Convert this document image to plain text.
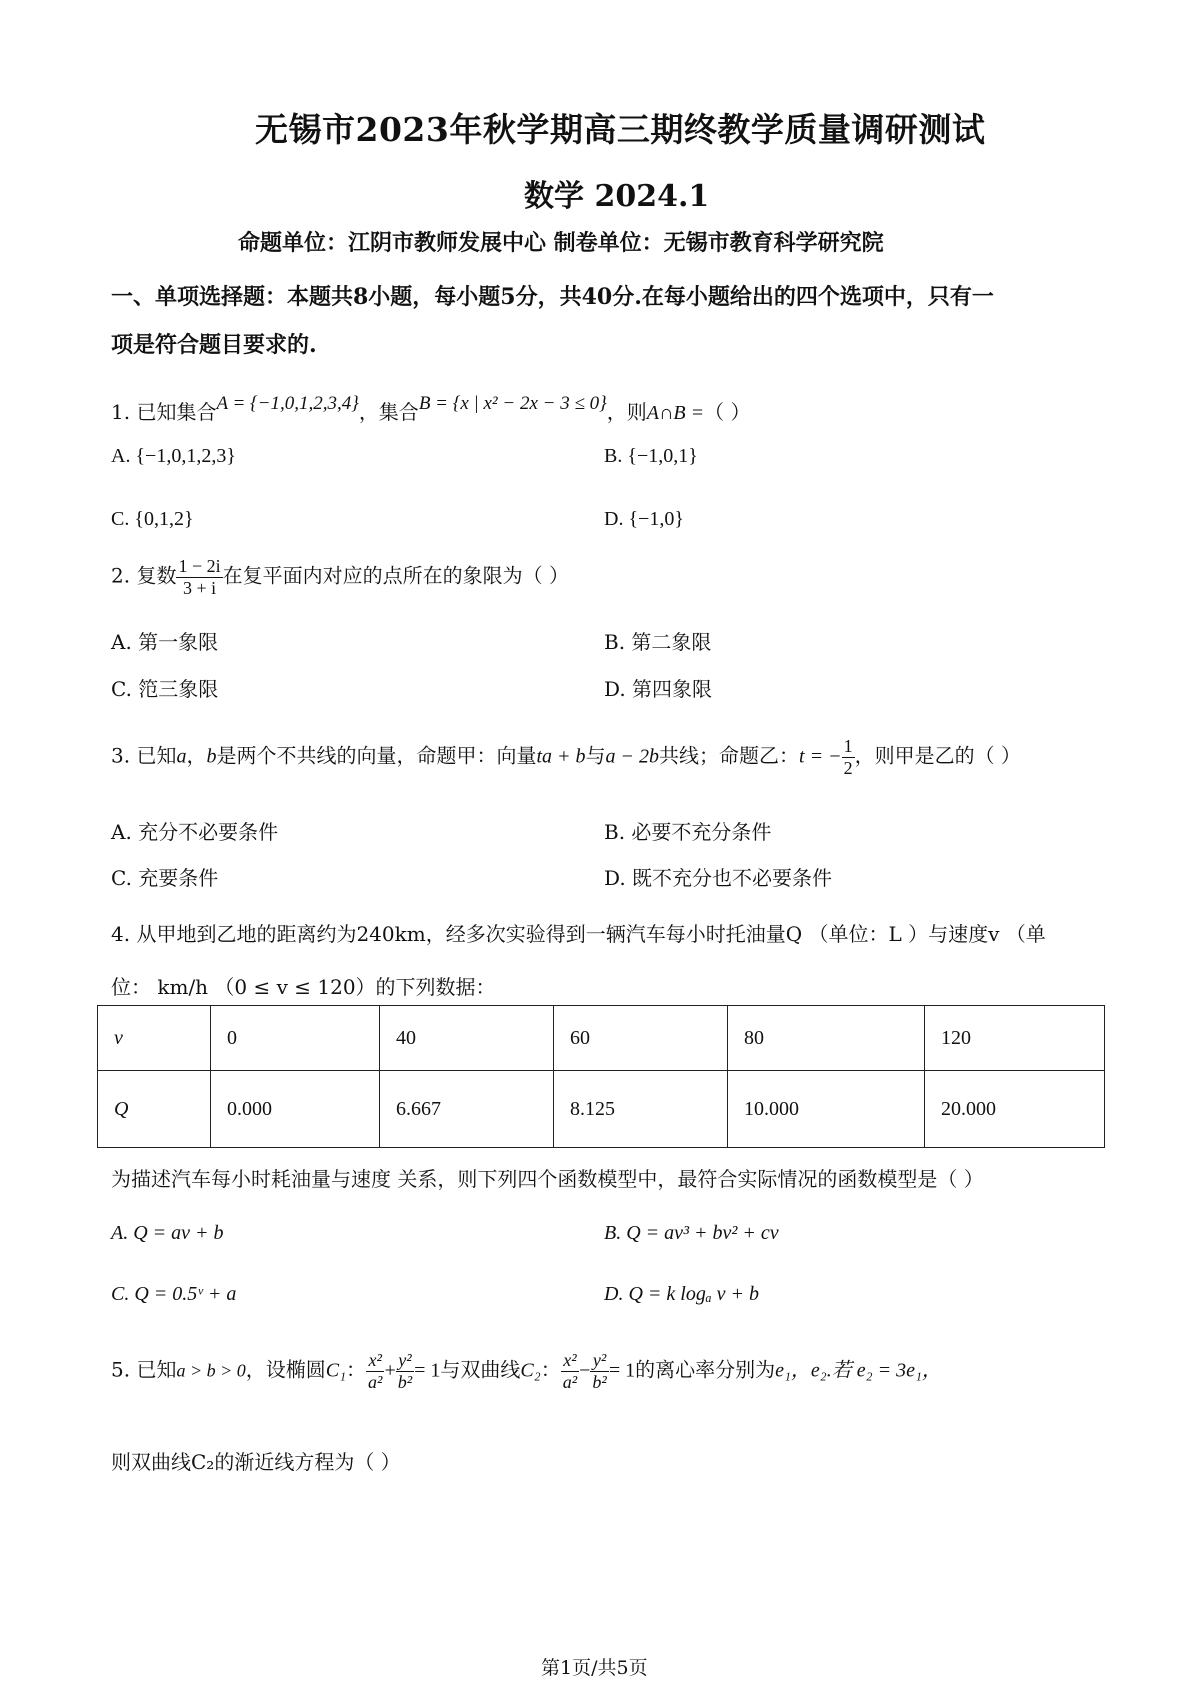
无锡市2023年秋学期高三期终教学质量调研测试
数学 2024.1
命题单位：江阴市教师发展中心 制卷单位：无锡市教育科学研究院
一、单项选择题：本题共8小题，每小题5分，共40分.在每小题给出的四个选项中，只有一
项是符合题目要求的.
1. 已知集合A = {−1,0,1,2,3,4}，集合B = {x | x² − 2x − 3 ≤ 0}，则A∩B =（ ）
A. {−1,0,1,2,3}	B. {−1,0,1}
C. {0,1,2}	D. {−1,0}
2. 复数 $\frac{1 - 2i}{3 + i}$ 在复平面内对应的点所在的象限为（ ）
A. 第一象限	B. 第二象限
C. 笵三象限	D. 第四象限
3. 已知a，b是两个不共线的向量，命题甲：向量ta + b与a − 2b共线；命题乙：t = − $\frac{1}{2}$ ，则甲是乙的（ ）
A. 充分不必要条件	B. 必要不充分条件
C. 充要条件	D. 既不充分也不必要条件
4. 从甲地到乙地的距离约为240km，经多次实验得到一辆汽车每小时托油量Q （单位：L ）与速度v （单
位： km/h （0 ≤ v ≤ 120）的下列数据：
v	0	40	60	80	120
Q	0.000	6.667	8.125	10.000	20.000
为描述汽车每小时耗油量与速度 关系，则下列四个函数模型中，最符合实际情况的函数模型是（ ）
A. Q = av + b	B. Q = av³ + bv² + cv
C. Q = 0.5ᵛ + a	D. Q = k logₐ v + b
5. 已知a > b > 0，设椭圆C₁： $\frac{\text{x²}}{\text{a²}} + \frac{\text{y²}}{\text{b²}} = 1$与双曲线C₂： $\frac{\text{x²}}{\text{a²}} - \frac{\text{y²}}{\text{b²}} = 1$的离心率分别为e₁，e₂.若 e₂ = 3e₁，
则双曲线C₂的渐近线方程为（ ）
第1页/共5页
